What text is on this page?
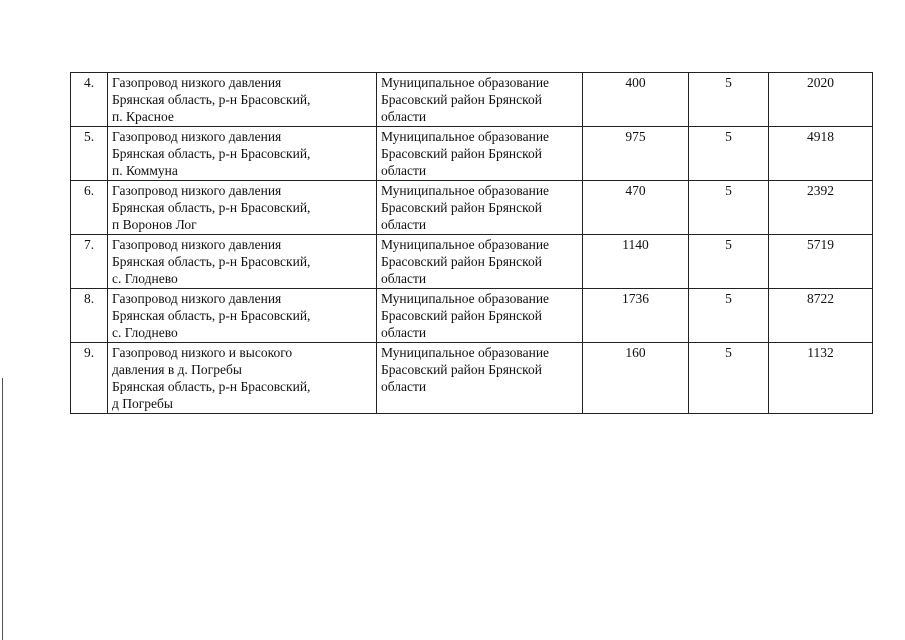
4.	Газопровод низкого давления
Брянская область, р-н Брасовский,
п. Красное	Муниципальное образование
Брасовский район Брянской
области	400	5	2020
5.	Газопровод низкого давления
Брянская область, р-н Брасовский,
п. Коммуна	Муниципальное образование
Брасовский район Брянской
области	975	5	4918
6.	Газопровод низкого давления
Брянская область, р-н Брасовский,
п Воронов Лог	Муниципальное образование
Брасовский район Брянской
области	470	5	2392
7.	Газопровод низкого давления
Брянская область, р-н Брасовский,
с. Глоднево	Муниципальное образование
Брасовский район Брянской
области	1140	5	5719
8.	Газопровод низкого давления
Брянская область, р-н Брасовский,
с. Глоднево	Муниципальное образование
Брасовский район Брянской
области	1736	5	8722
9.	Газопровод низкого и высокого
давления в д. Погребы
Брянская область, р-н Брасовский,
д Погребы	Муниципальное образование
Брасовский район Брянской
области	160	5	1132
